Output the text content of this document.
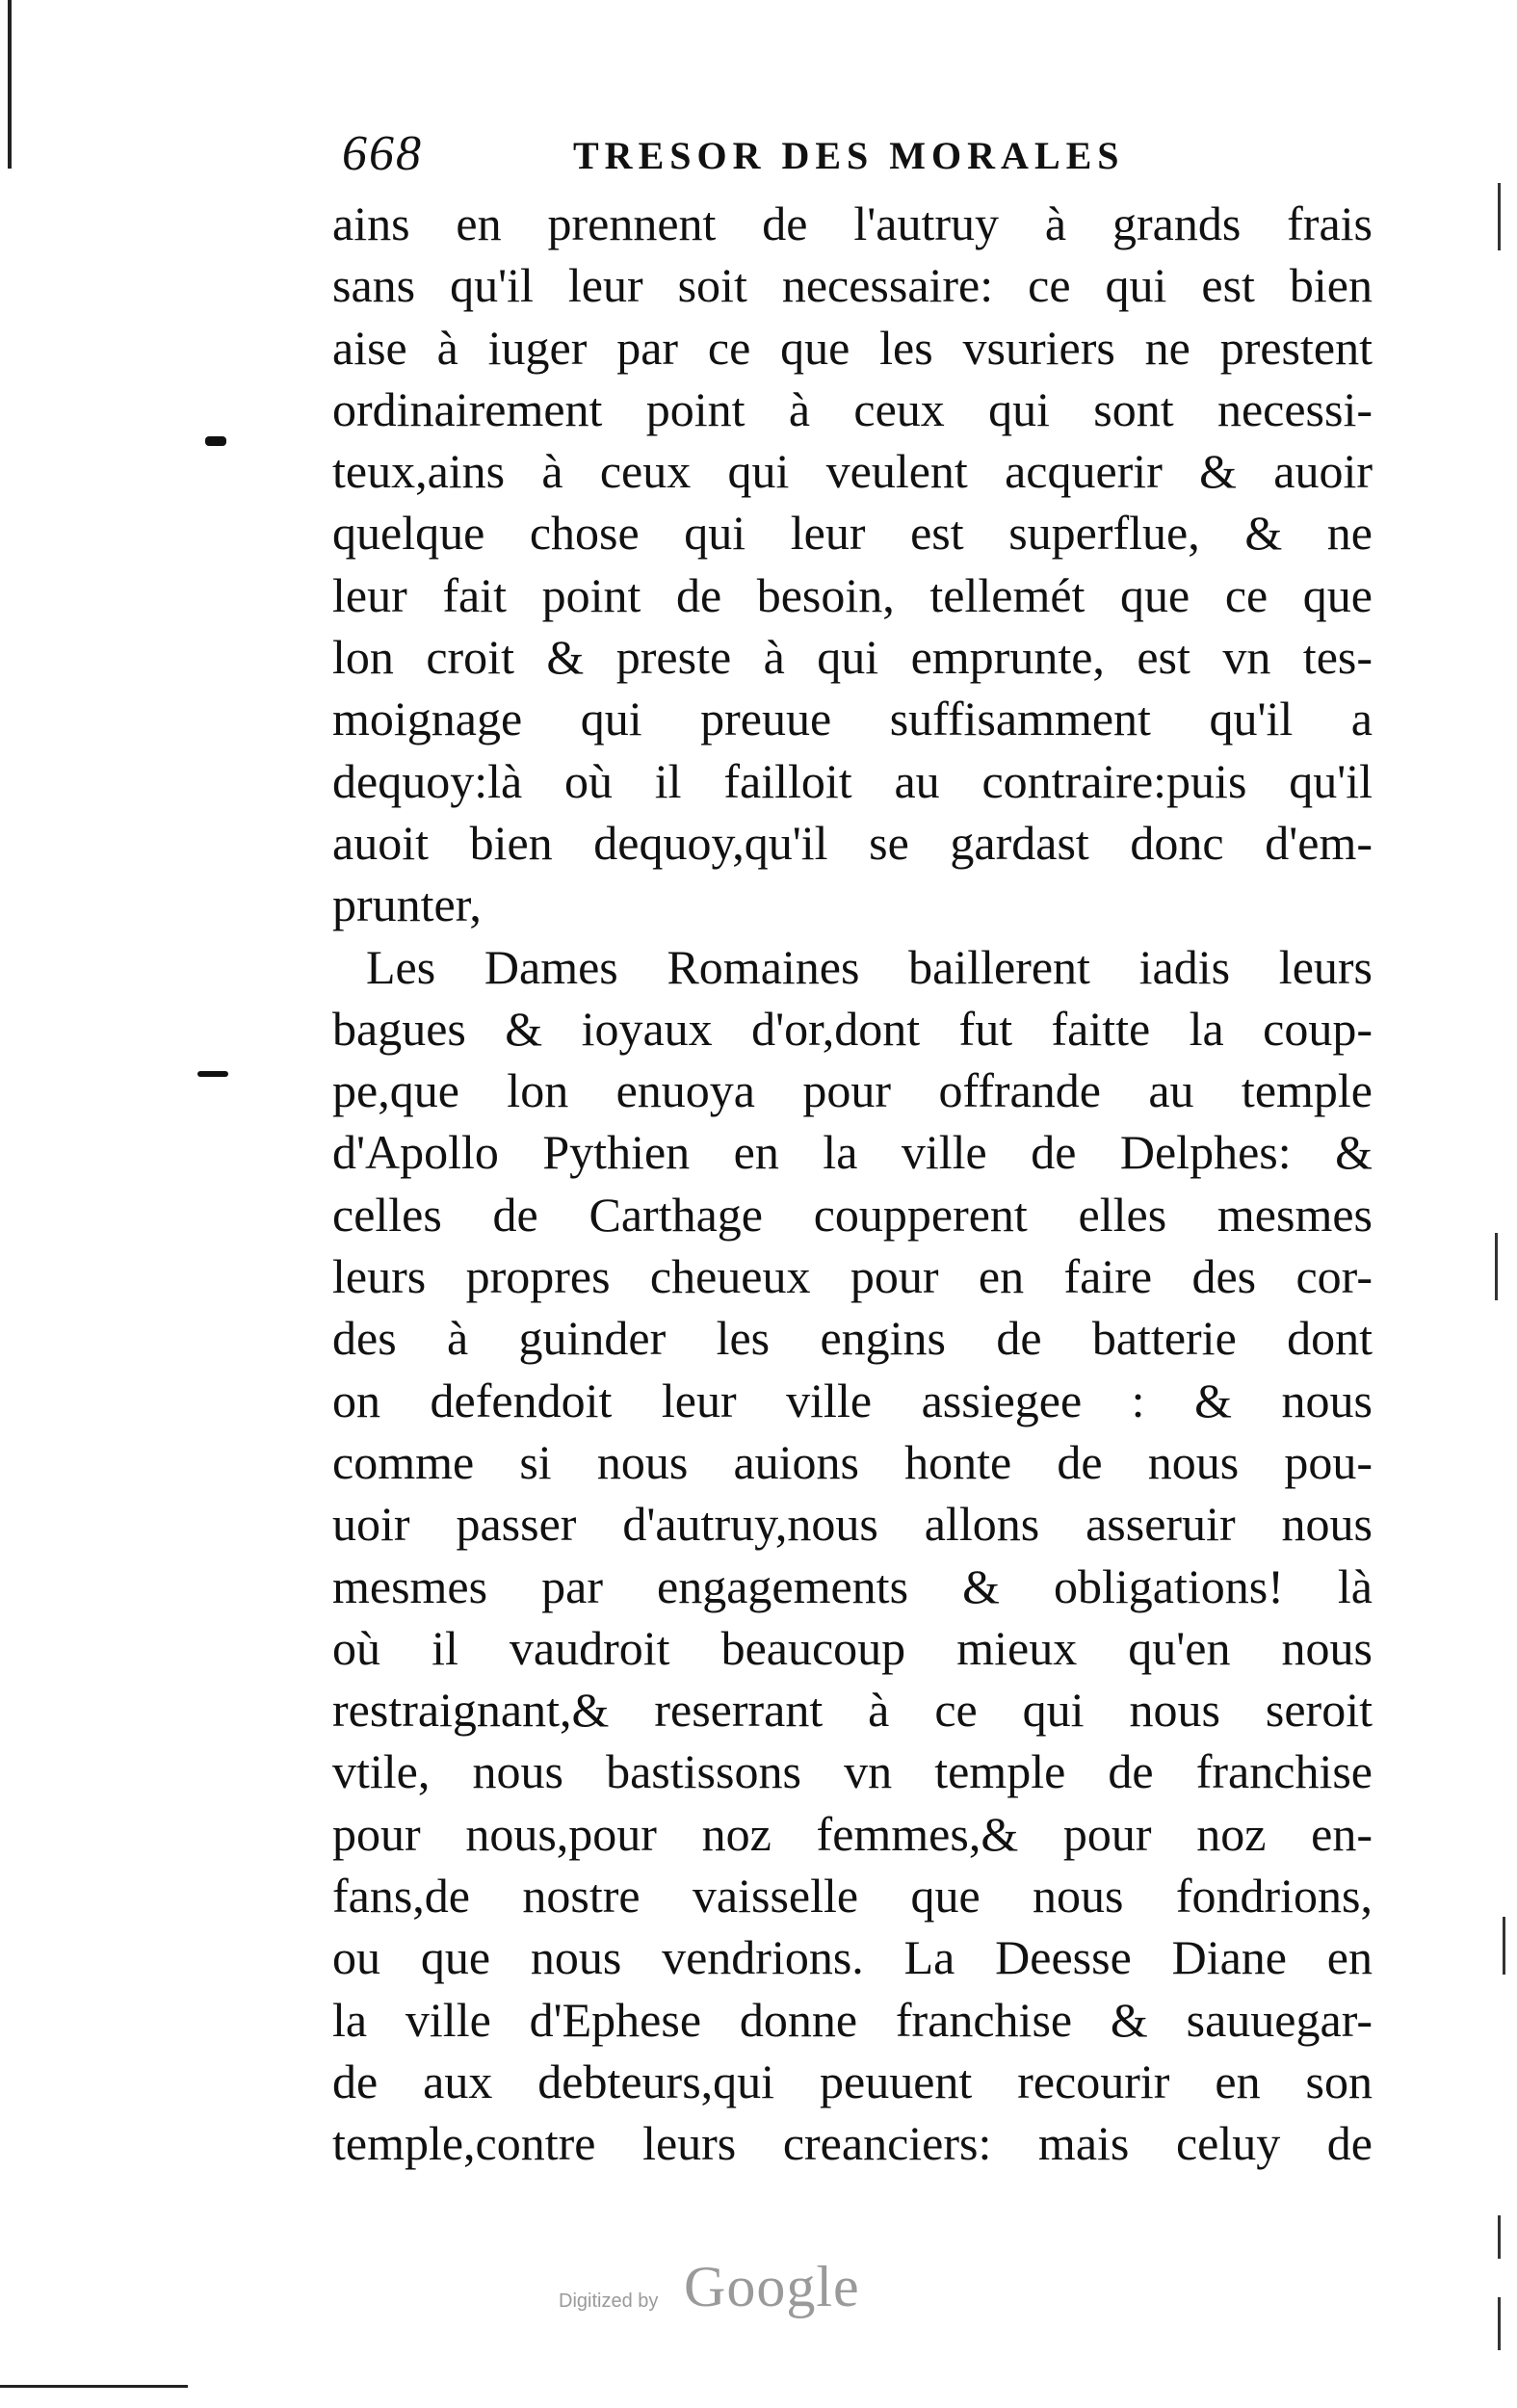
668	TRESOR DES MORALES
ains en prennent de l'autruy à grands frais
sans qu'il leur soit necessaire: ce qui est bien
aise à iuger par ce que les vsuriers ne prestent
ordinairement point à ceux qui sont necessi-
teux,ains à ceux qui veulent acquerir & auoir
quelque chose qui leur est superflue, & ne
leur fait point de besoin, tellemét que ce que
lon croit & preste à qui emprunte, est vn tes-
moignage qui preuue suffisamment qu'il a
dequoy:là où il failloit au contraire:puis qu'il
auoit bien dequoy,qu'il se gardast donc d'em-
prunter,
Les Dames Romaines baillerent iadis leurs
bagues & ioyaux d'or,dont fut faitte la coup-
pe,que lon enuoya pour offrande au temple
d'Apollo Pythien en la ville de Delphes: &
celles de Carthage coupperent elles mesmes
leurs propres cheueux pour en faire des cor-
des à guinder les engins de batterie dont
on defendoit leur ville assiegee : & nous
comme si nous auions honte de nous pou-
uoir passer d'autruy,nous allons asseruir nous
mesmes par engagements & obligations! là
où il vaudroit beaucoup mieux qu'en nous
restraignant,& reserrant à ce qui nous seroit
vtile, nous bastissons vn temple de franchise
pour nous,pour noz femmes,& pour noz en-
fans,de nostre vaisselle que nous fondrions,
ou que nous vendrions. La Deesse Diane en
la ville d'Ephese donne franchise & sauuegar-
de aux debteurs,qui peuuent recourir en son
temple,contre leurs creanciers: mais celuy de
Digitized by Google
